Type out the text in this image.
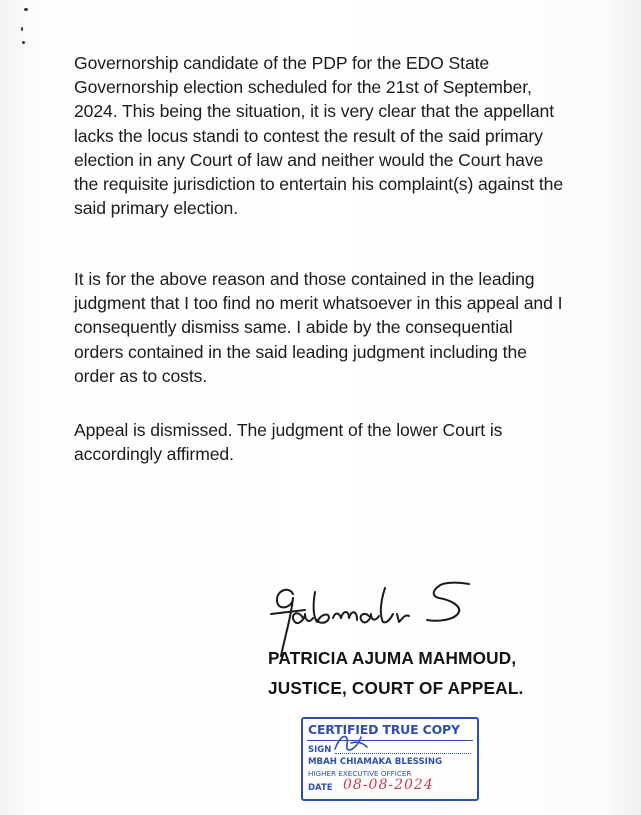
Governorship candidate of the PDP for the EDO State Governorship election scheduled for the 21st of September, 2024. This being the situation, it is very clear that the appellant lacks the locus standi to contest the result of the said primary election in any Court of law and neither would the Court have the requisite jurisdiction to entertain his complaint(s) against the said primary election.

It is for the above reason and those contained in the leading judgment that I too find no merit whatsoever in this appeal and I consequently dismiss same. I abide by the consequential orders contained in the said leading judgment including the order as to costs.

Appeal is dismissed. The judgment of the lower Court is accordingly affirmed.

PATRICIA AJUMA MAHMOUD,

JUSTICE, COURT OF APPEAL.

CERTIFIED TRUE COPY
SIGN
MBAH CHIAMAKA BLESSING
HIGHER EXECUTIVE OFFICER
DATE 08-08-2024
